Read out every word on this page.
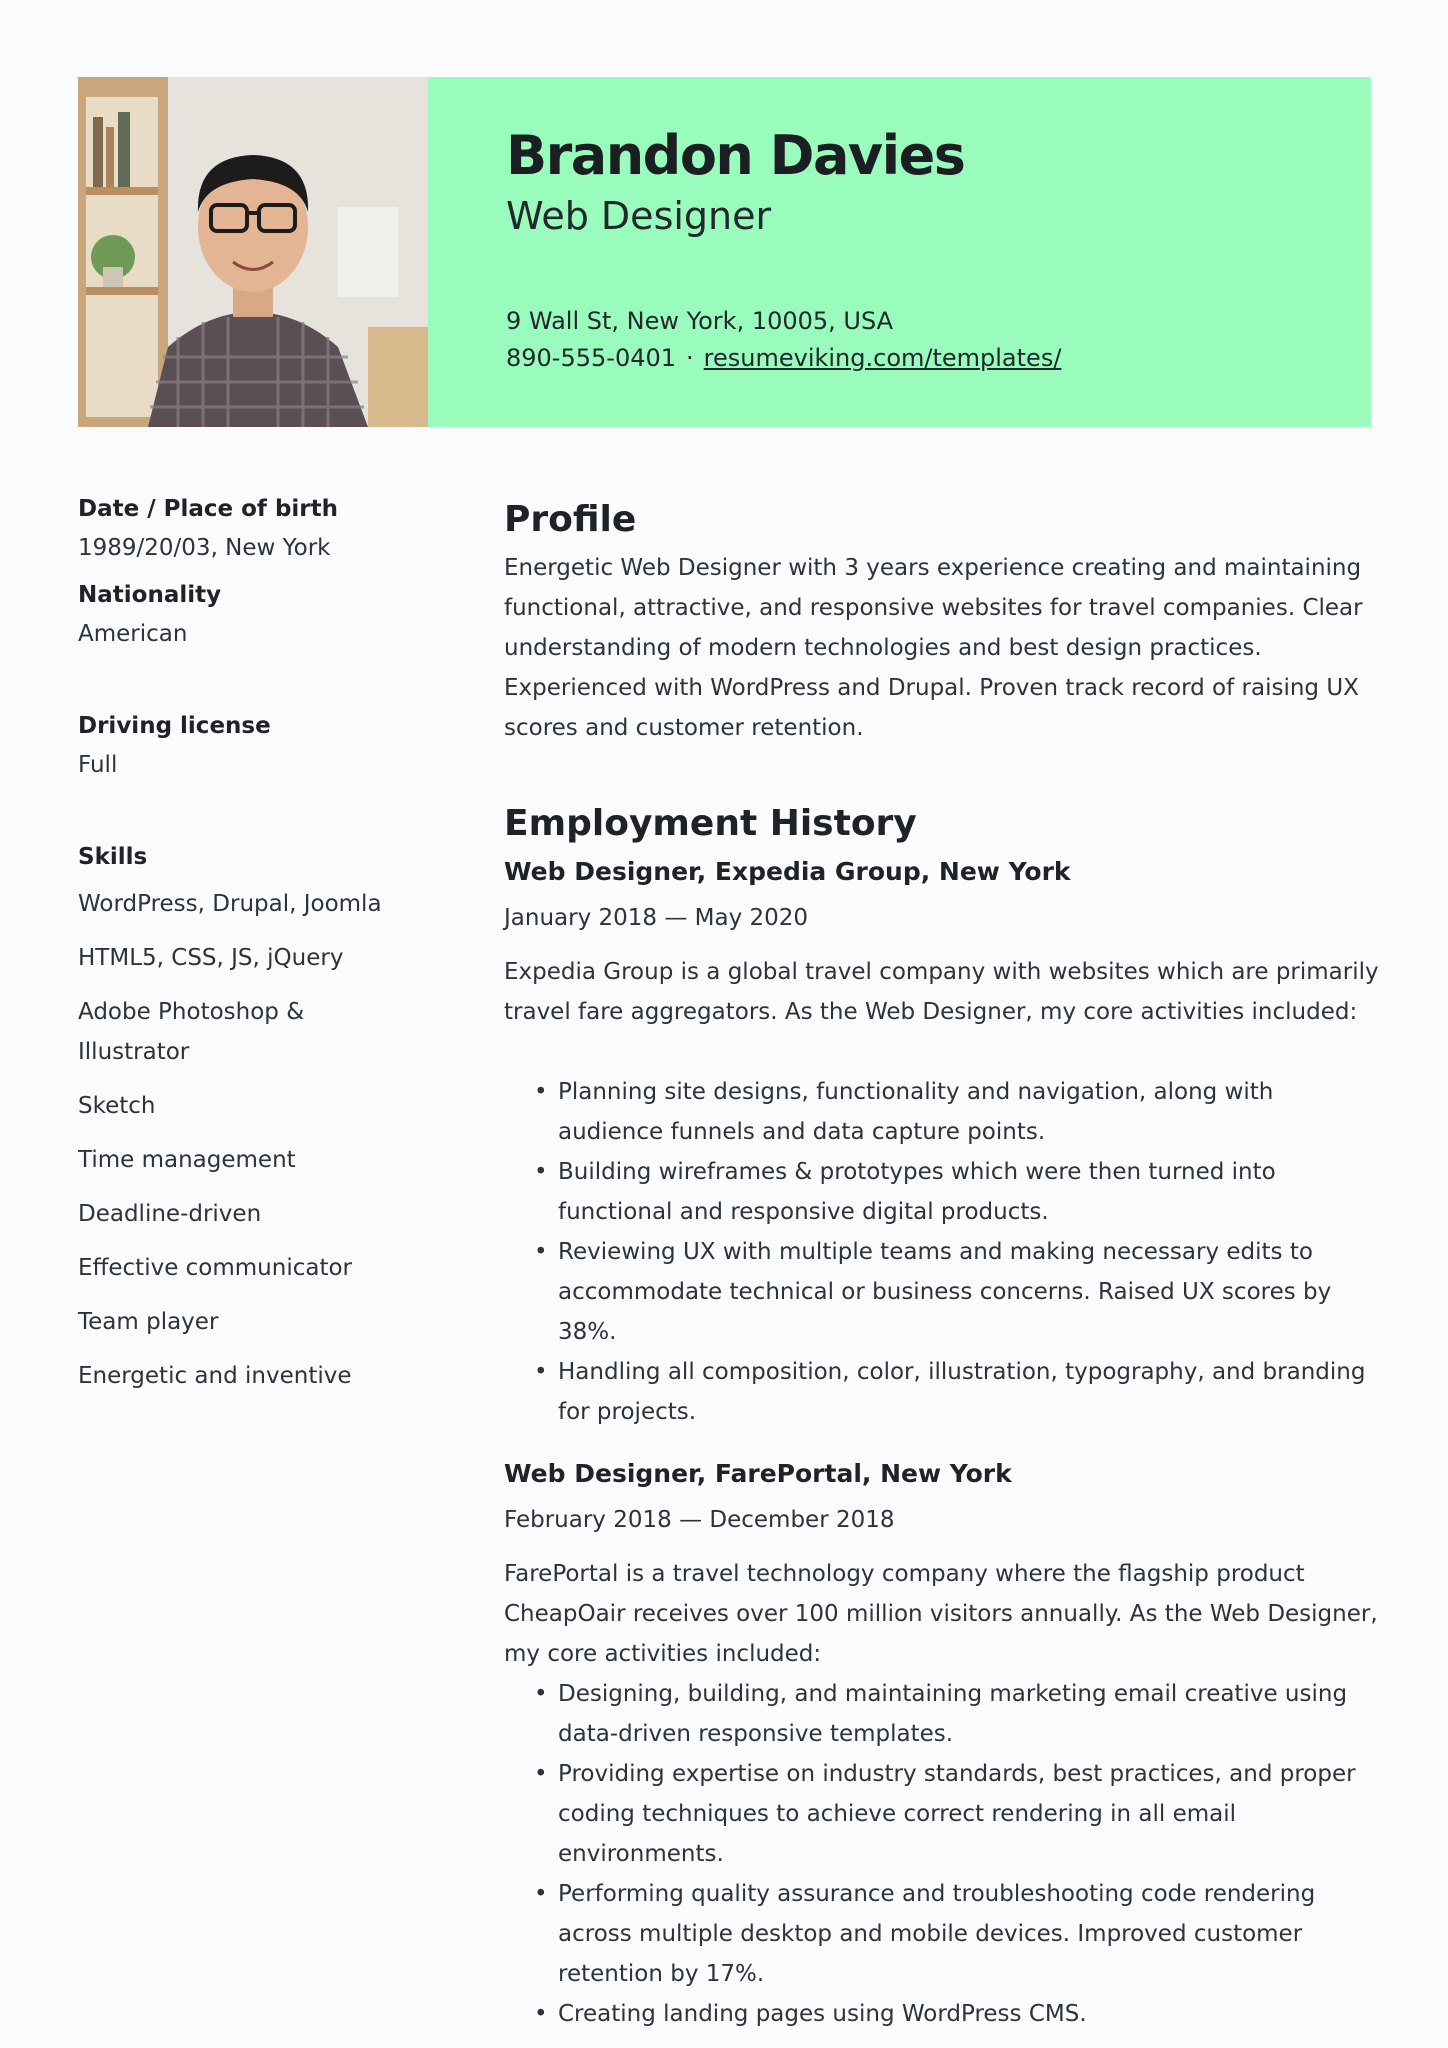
Brandon Davies
Web Designer
9 Wall St, New York, 10005, USA
890-555-0401 · resumeviking.com/templates/
Date / Place of birth
1989/20/03, New York
Nationality
American
Driving license
Full
Skills
WordPress, Drupal, Joomla
HTML5, CSS, JS, jQuery
Adobe Photoshop & Illustrator
Sketch
Time management
Deadline-driven
Effective communicator
Team player
Energetic and inventive
Profile

Energetic Web Designer with 3 years experience creating and maintaining functional, attractive, and responsive websites for travel companies. Clear understanding of modern technologies and best design practices. Experienced with WordPress and Drupal. Proven track record of raising UX scores and customer retention.

Employment History
Web Designer, Expedia Group, New York
January 2018 — May 2020

Expedia Group is a global travel company with websites which are primarily travel fare aggregators. As the Web Designer, my core activities included:

• Planning site designs, functionality and navigation, along with audience funnels and data capture points.
• Building wireframes & prototypes which were then turned into functional and responsive digital products.
• Reviewing UX with multiple teams and making necessary edits to accommodate technical or business concerns. Raised UX scores by 38%.
• Handling all composition, color, illustration, typography, and branding for projects.
Web Designer, FarePortal, New York
February 2018 — December 2018

FarePortal is a travel technology company where the flagship product CheapOair receives over 100 million visitors annually. As the Web Designer, my core activities included:

• Designing, building, and maintaining marketing email creative using data-driven responsive templates.
• Providing expertise on industry standards, best practices, and proper coding techniques to achieve correct rendering in all email environments.
• Performing quality assurance and troubleshooting code rendering across multiple desktop and mobile devices. Improved customer retention by 17%.
• Creating landing pages using WordPress CMS.
